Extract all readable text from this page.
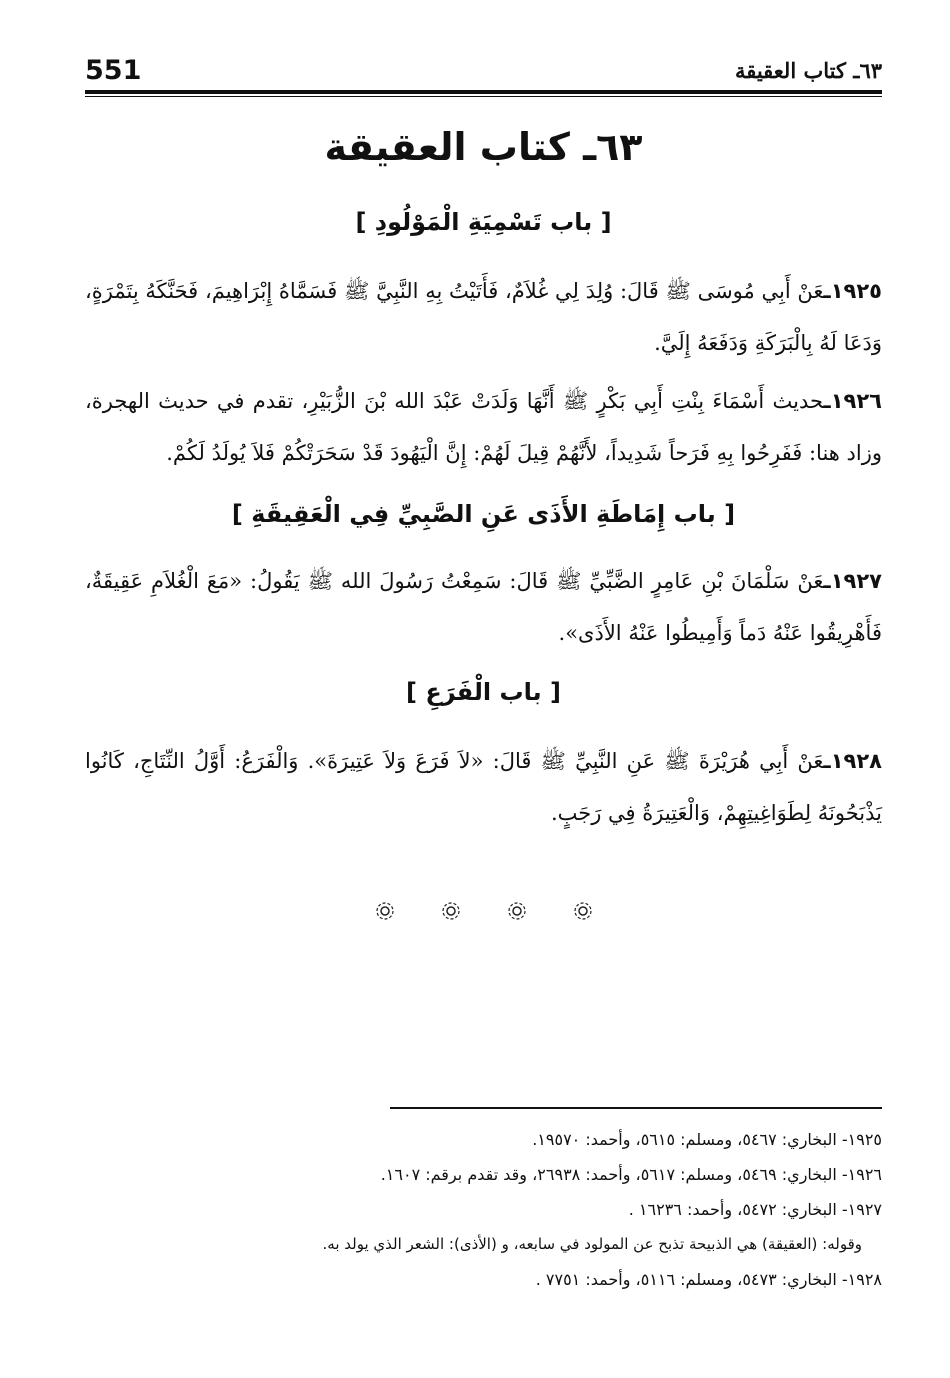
٦٣ـ كتاب العقيقة
551
٦٣ـ كتاب العقيقة
[ باب تَسْمِيَةِ الْمَوْلُودِ ]
١٩٢٥ـعَنْ أَبِي مُوسَى ﷺ قَالَ: وُلِدَ لِي غُلاَمٌ، فَأَتَيْتُ بِهِ النَّبِيَّ ﷺ فَسَمَّاهُ إِبْرَاهِيمَ، فَحَنَّكَهُ بِتَمْرَةٍ، وَدَعَا لَهُ بِالْبَرَكَةِ وَدَفَعَهُ إِلَيَّ.
١٩٢٦ـحديث أَسْمَاءَ بِنْتِ أَبِي بَكْرٍ ﷺ أَنَّهَا وَلَدَتْ عَبْدَ الله بْنَ الزُّبَيْرِ، تقدم في حديث الهجرة، وزاد هنا: فَفَرِحُوا بِهِ فَرَحاً شَدِيداً، لأَنَّهُمْ قِيلَ لَهُمْ: إِنَّ الْيَهُودَ قَدْ سَحَرَتْكُمْ فَلاَ يُولَدُ لَكُمْ.
[ باب إِمَاطَةِ الأَذَى عَنِ الصَّبِيِّ فِي الْعَقِيقَةِ ]
١٩٢٧ـعَنْ سَلْمَانَ بْنِ عَامِرٍ الضَّبِّيِّ ﷺ قَالَ: سَمِعْتُ رَسُولَ الله ﷺ يَقُولُ: «مَعَ الْغُلاَمِ عَقِيقَةٌ، فَأَهْرِيقُوا عَنْهُ دَماً وَأَمِيطُوا عَنْهُ الأَذَى».
[ باب الْفَرَعِ ]
١٩٢٨ـعَنْ أَبِي هُرَيْرَةَ ﷺ عَنِ النَّبِيِّ ﷺ قَالَ: «لاَ فَرَعَ وَلاَ عَتِيرَةَ». وَالْفَرَعُ: أَوَّلُ النِّتَاجِ، كَانُوا يَذْبَحُونَهُ لِطَوَاغِيتِهِمْ، وَالْعَتِيرَةُ فِي رَجَبٍ.
١٩٢٥- البخاري: ٥٤٦٧، ومسلم: ٥٦١٥، وأحمد: ١٩٥٧٠.
١٩٢٦- البخاري: ٥٤٦٩، ومسلم: ٥٦١٧، وأحمد: ٢٦٩٣٨، وقد تقدم برقم: ١٦٠٧.
١٩٢٧- البخاري: ٥٤٧٢، وأحمد: ١٦٢٣٦ .
وقوله: (العقيقة) هي الذبيحة تذبح عن المولود في سابعه، و (الأذى): الشعر الذي يولد به.
١٩٢٨- البخاري: ٥٤٧٣، ومسلم: ٥١١٦، وأحمد: ٧٧٥١ .
